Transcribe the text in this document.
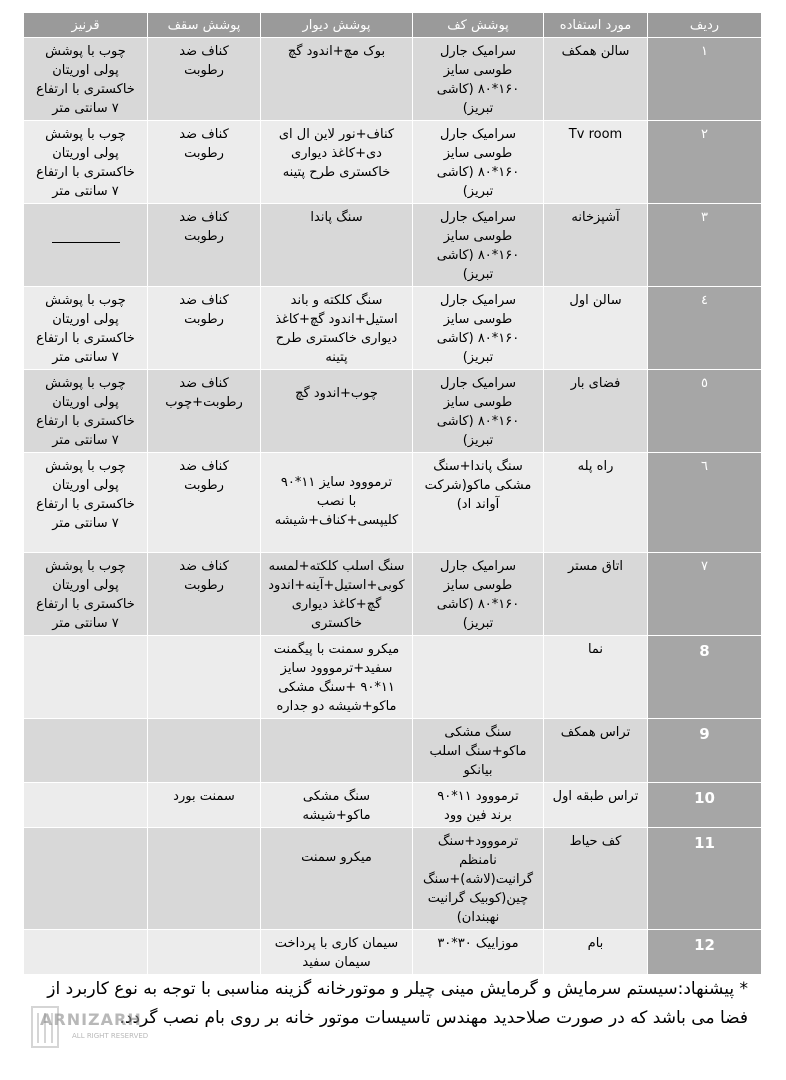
ردیف	مورد استفاده	پوشش کف	پوشش دیوار	پوشش سقف	قرنیز
۱	سالن همکف	سرامیک جارل
طوسی سایز
۱۶۰*۸۰ (کاشی
تبریز)	بوک مچ+اندود گچ	کناف ضد
رطوبت	چوب با پوشش
پولی اوریتان
خاکستری با ارتفاع
۷ سانتی متر
۲	Tv room	سرامیک جارل
طوسی سایز
۱۶۰*۸۰ (کاشی
تبریز)	کناف+نور لاین ال ای
دی+کاغذ دیواری
خاکستری طرح پتینه	کناف ضد
رطوبت	چوب با پوشش
پولی اوریتان
خاکستری با ارتفاع
۷ سانتی متر
۳	آشپزخانه	سرامیک جارل
طوسی سایز
۱۶۰*۸۰ (کاشی
تبریز)	سنگ پاندا	کناف ضد
رطوبت	

٤	سالن اول	سرامیک جارل
طوسی سایز
۱۶۰*۸۰ (کاشی
تبریز)	سنگ کلکته و باند
استیل+اندود گچ+کاغذ
دیواری خاکستری طرح
پتینه	کناف ضد
رطوبت	چوب با پوشش
پولی اوریتان
خاکستری با ارتفاع
۷ سانتی متر
٥	فضای بار	سرامیک جارل
طوسی سایز
۱۶۰*۸۰ (کاشی
تبریز)	چوب+اندود گچ	کناف ضد
رطوبت+چوب	چوب با پوشش
پولی اوریتان
خاکستری با ارتفاع
۷ سانتی متر
٦	راه پله	سنگ پاندا+سنگ
مشکی ماکو(شرکت
آواند اد)	ترمووود سایز ۱۱*۹۰
با نصب
کلیپسی+کناف+شیشه	کناف ضد
رطوبت	چوب با پوشش
پولی اوریتان
خاکستری با ارتفاع
۷ سانتی متر
۷	اتاق مستر	سرامیک جارل
طوسی سایز
۱۶۰*۸۰ (کاشی
تبریز)	سنگ اسلب کلکته+لمسه
کوبی+استیل+آینه+اندود
گچ+کاغذ دیواری
خاکستری	کناف ضد
رطوبت	چوب با پوشش
پولی اوریتان
خاکستری با ارتفاع
۷ سانتی متر
8	نما		میکرو سمنت با پیگمنت
سفید+ترمووود سایز
۱۱*۹۰ +سنگ مشکی
ماکو+شیشه دو جداره		
9	تراس همکف	سنگ مشکی
ماکو+سنگ اسلب
بیانکو			
10	تراس طبقه اول	ترمووود ۱۱*۹۰
برند فین وود	سنگ مشکی
ماکو+شیشه	سمنت بورد	
11	کف حیاط	ترمووود+سنگ
نامنظم
گرانیت(لاشه)+سنگ
چین(کوبیک گرانیت
نهبندان)	میکرو سمنت		

12	بام	موزاییک ۳۰*۳۰	سیمان کاری با پرداخت
سیمان سفید		
* پیشنهاد:سیستم سرمایش و گرمایش مینی چیلر و موتورخانه گزینه مناسبی با توجه به نوع کاربرد از فضا می باشد که در صورت صلاحدید مهندس تاسیسات موتور خانه بر روی بام نصب گردد.
ARNIZARH
ALL RIGHT RESERVED
